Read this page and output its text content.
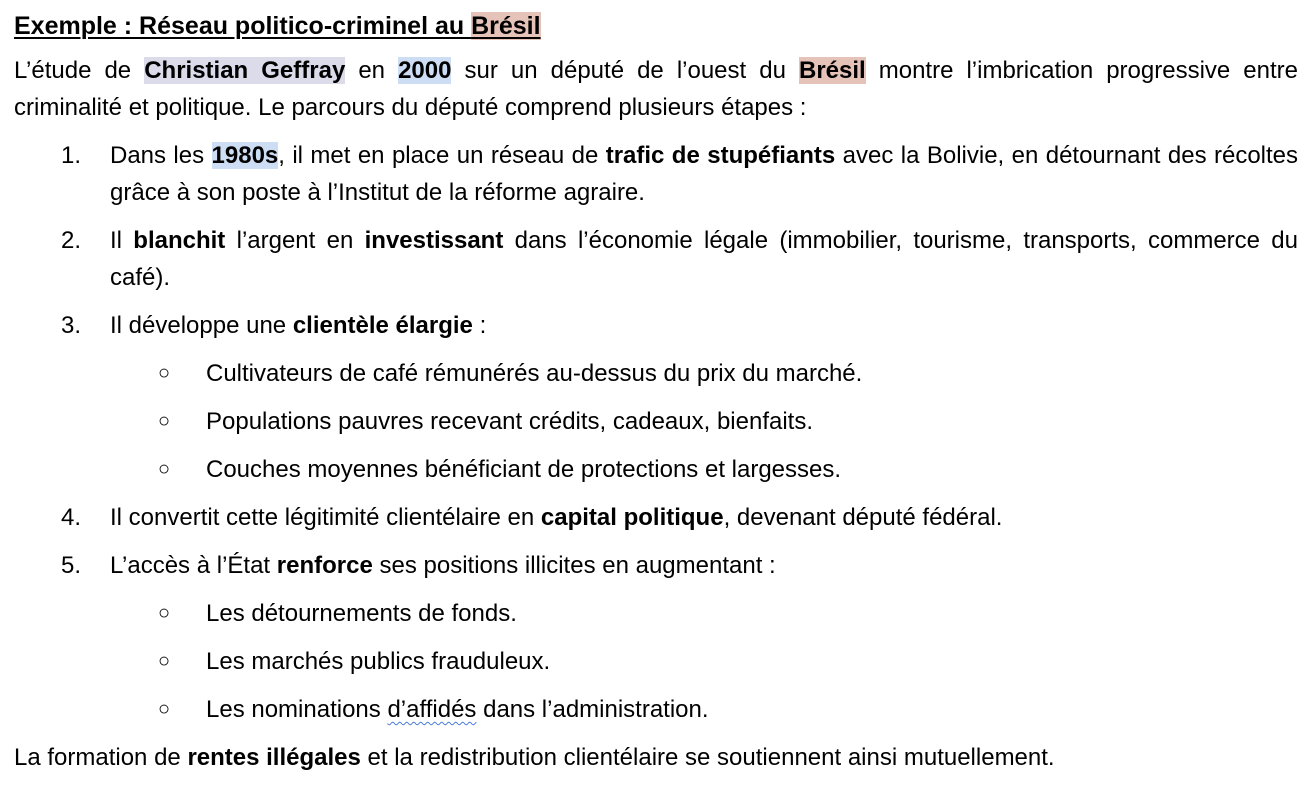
Exemple : Réseau politico-criminel au Brésil

L’étude de Christian Geffray en 2000 sur un député de l’ouest du Brésil montre l’imbrication progressive entre criminalité et politique. Le parcours du député comprend plusieurs étapes :

1. Dans les 1980s, il met en place un réseau de trafic de stupéfiants avec la Bolivie, en détournant des récoltes grâce à son poste à l’Institut de la réforme agraire.
2. Il blanchit l’argent en investissant dans l’économie légale (immobilier, tourisme, transports, commerce du café).
3. Il développe une clientèle élargie :
○ Cultivateurs de café rémunérés au-dessus du prix du marché.
○ Populations pauvres recevant crédits, cadeaux, bienfaits.
○ Couches moyennes bénéficiant de protections et largesses.
4. Il convertit cette légitimité clientélaire en capital politique, devenant député fédéral.
5. L’accès à l’État renforce ses positions illicites en augmentant :
○ Les détournements de fonds.
○ Les marchés publics frauduleux.
○ Les nominations d’affidés dans l’administration.

La formation de rentes illégales et la redistribution clientélaire se soutiennent ainsi mutuellement.
